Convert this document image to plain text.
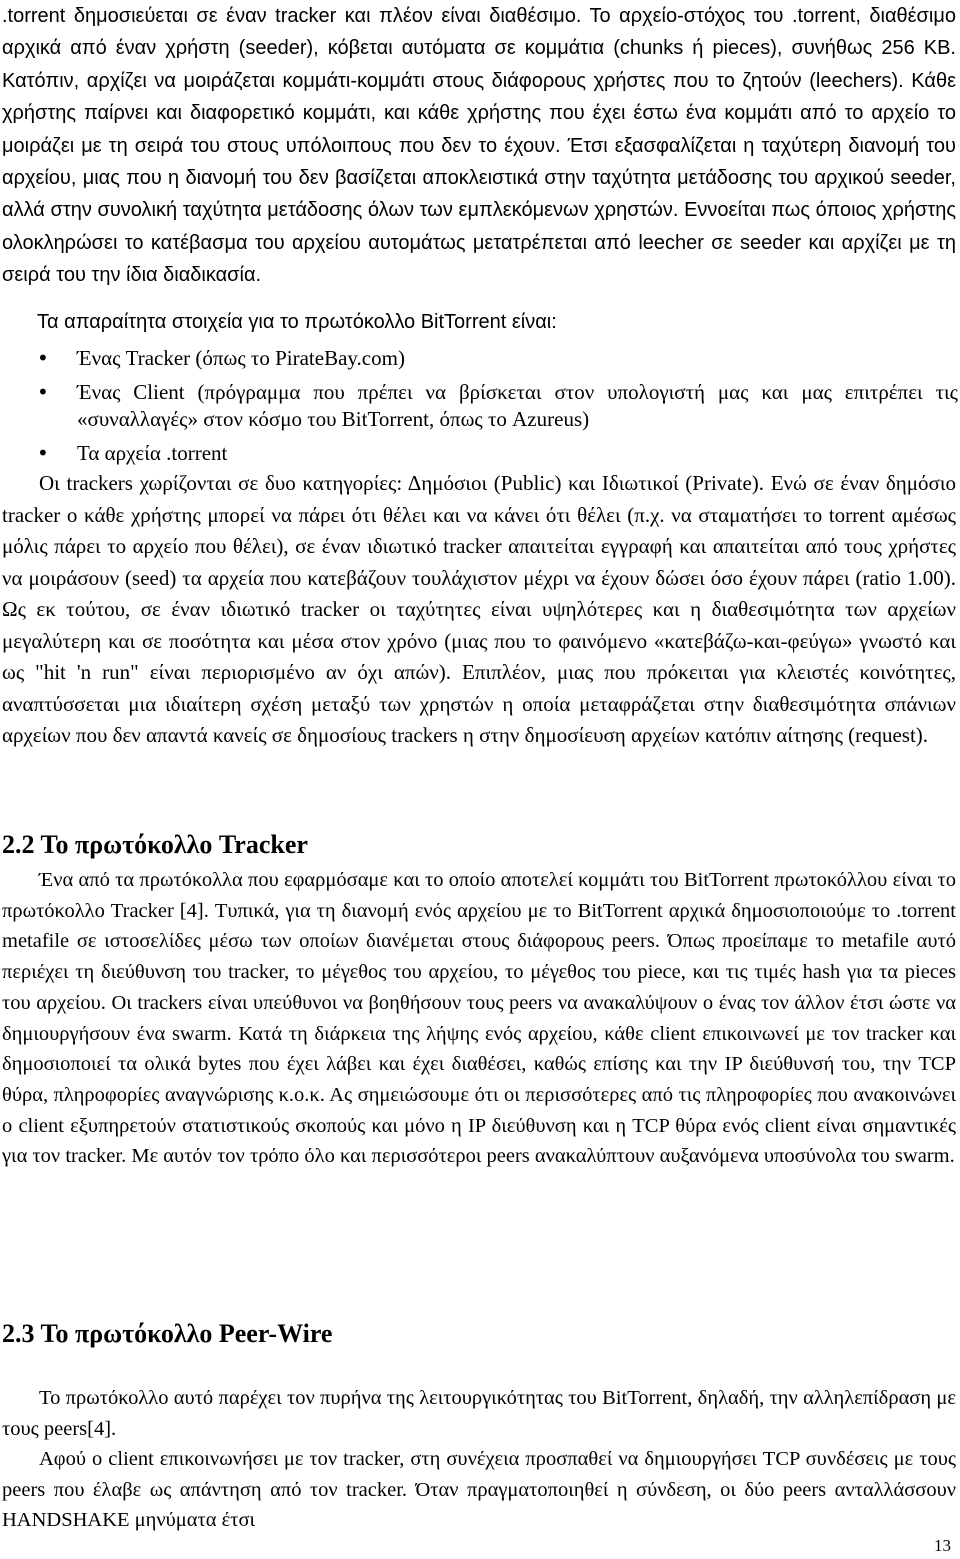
.torrent δημοσιεύεται σε έναν tracker και πλέον είναι διαθέσιμο. Το αρχείο-στόχος του .torrent, διαθέσιμο αρχικά από έναν χρήστη (seeder), κόβεται αυτόματα σε κομμάτια (chunks ή pieces), συνήθως 256 KB. Κατόπιν, αρχίζει να μοιράζεται κομμάτι-κομμάτι στους διάφορους χρήστες που το ζητούν (leechers). Κάθε χρήστης παίρνει και διαφορετικό κομμάτι, και κάθε χρήστης που έχει έστω ένα κομμάτι από το αρχείο το μοιράζει με τη σειρά του στους υπόλοιπους που δεν το έχουν. Έτσι εξασφαλίζεται η ταχύτερη διανομή του αρχείου, μιας που η διανομή του δεν βασίζεται αποκλειστικά στην ταχύτητα μετάδοσης του αρχικού seeder, αλλά στην συνολική ταχύτητα μετάδοσης όλων των εμπλεκόμενων χρηστών. Εννοείται πως όποιος χρήστης ολοκληρώσει το κατέβασμα του αρχείου αυτομάτως μετατρέπεται από leecher σε seeder και αρχίζει με τη σειρά του την ίδια διαδικασία.
Τα απαραίτητα στοιχεία για το πρωτόκολλο BitTorrent είναι:
• Ένας Tracker (όπως το PirateBay.com)
• Ένας Client (πρόγραμμα που πρέπει να βρίσκεται στον υπολογιστή μας και μας επιτρέπει τις «συναλλαγές» στον κόσμο του BitTorrent, όπως το Azureus)
• Τα αρχεία .torrent

Οι trackers χωρίζονται σε δυο κατηγορίες: Δημόσιοι (Public) και Ιδιωτικοί (Private). Ενώ σε έναν δημόσιο tracker ο κάθε χρήστης μπορεί να πάρει ότι θέλει και να κάνει ότι θέλει (π.χ. να σταματήσει το torrent αμέσως μόλις πάρει το αρχείο που θέλει), σε έναν ιδιωτικό tracker απαιτείται εγγραφή και απαιτείται από τους χρήστες να μοιράσουν (seed) τα αρχεία που κατεβάζουν τουλάχιστον μέχρι να έχουν δώσει όσο έχουν πάρει (ratio 1.00). Ως εκ τούτου, σε έναν ιδιωτικό tracker οι ταχύτητες είναι υψηλότερες και η διαθεσιμότητα των αρχείων μεγαλύτερη και σε ποσότητα και μέσα στον χρόνο (μιας που το φαινόμενο «κατεβάζω-και-φεύγω» γνωστό και ως "hit 'n run" είναι περιορισμένο αν όχι απών). Επιπλέον, μιας που πρόκειται για κλειστές κοινότητες, αναπτύσσεται μια ιδιαίτερη σχέση μεταξύ των χρηστών η οποία μεταφράζεται στην διαθεσιμότητα σπάνιων αρχείων που δεν απαντά κανείς σε δημοσίους trackers η στην δημοσίευση αρχείων κατόπιν αίτησης (request).

2.2 Το πρωτόκολλο Tracker

Ένα από τα πρωτόκολλα που εφαρμόσαμε και το οποίο αποτελεί κομμάτι του BitTorrent πρωτοκόλλου είναι το πρωτόκολλο Tracker [4]. Τυπικά, για τη διανομή ενός αρχείου με το BitTorrent αρχικά δημοσιοποιούμε το .torrent metafile σε ιστοσελίδες μέσω των οποίων διανέμεται στους διάφορους peers. Όπως προείπαμε το metafile αυτό περιέχει τη διεύθυνση του tracker, το μέγεθος του αρχείου, το μέγεθος του piece, και τις τιμές hash για τα pieces του αρχείου. Οι trackers είναι υπεύθυνοι να βοηθήσουν τους peers να ανακαλύψουν ο ένας τον άλλον έτσι ώστε να δημιουργήσουν ένα swarm. Κατά τη διάρκεια της λήψης ενός αρχείου, κάθε client επικοινωνεί με τον tracker και δημοσιοποιεί τα ολικά bytes που έχει λάβει και έχει διαθέσει, καθώς επίσης και την IP διεύθυνσή του, την TCP θύρα, πληροφορίες αναγνώρισης κ.ο.κ. Ας σημειώσουμε ότι οι περισσότερες από τις πληροφορίες που ανακοινώνει ο client εξυπηρετούν στατιστικούς σκοπούς και μόνο η IP διεύθυνση και η TCP θύρα ενός client είναι σημαντικές για τον tracker. Με αυτόν τον τρόπο όλο και περισσότεροι peers ανακαλύπτουν αυξανόμενα υποσύνολα του swarm.

2.3 Το πρωτόκολλο Peer-Wire

Το πρωτόκολλο αυτό παρέχει τον πυρήνα της λειτουργικότητας του BitTorrent, δηλαδή, την αλληλεπίδραση με τους peers[4].

Αφού ο client επικοινωνήσει με τον tracker, στη συνέχεια προσπαθεί να δημιουργήσει TCP συνδέσεις με τους peers που έλαβε ως απάντηση από τον tracker. Όταν πραγματοποιηθεί η σύνδεση, οι δύο peers ανταλλάσσουν HANDSHAKE μηνύματα έτσι

13
